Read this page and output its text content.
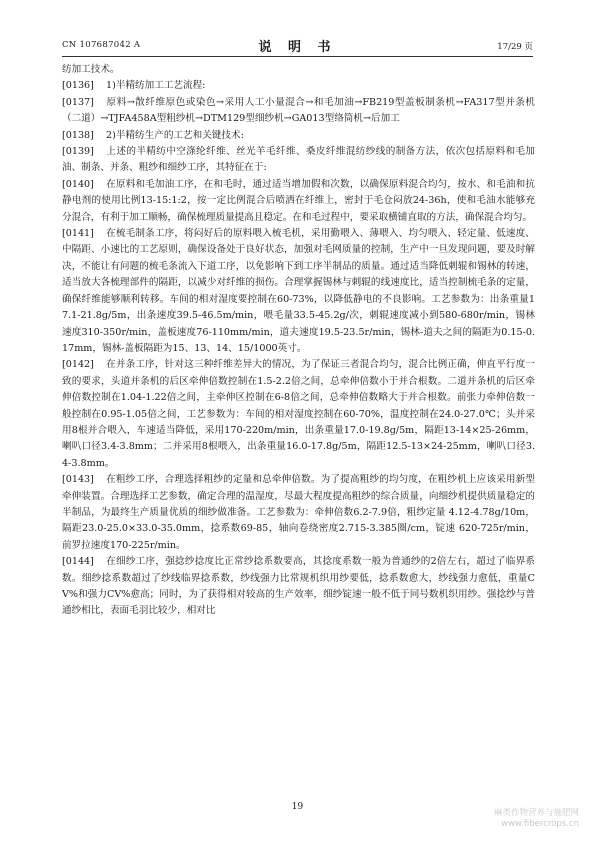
CN 107687042 A	说 明 书	17/29 页

纺加工技术。

[0136] 1)半精纺加工工艺流程:

[0137] 原料→散纤维原色或染色→采用人工小量混合→和毛加油→FB219型盖板制条机→FA317型并条机（二道）→TJFA458A型粗纱机→DTM129型细纱机→GA013型络筒机→后加工

[0138] 2)半精纺生产的工艺和关键技术:

[0139] 上述的半精纺中空涤纶纤维、丝光羊毛纤维、桑皮纤维混纺纱线的制备方法，依次包括原料和毛加油、制条、并条、粗纱和细纱工序，其特征在于:

[0140] 在原料和毛加油工序，在和毛时，通过适当增加假和次数，以确保原料混合均匀，按水、和毛油和抗静电剂的使用比例13-15:1:2，按一定比例混合后喷洒在纤维上，密封于毛仓闷放24-36h，使和毛油水能够充分混合，有利于加工顺畅，确保梳理质量提高且稳定。在和毛过程中，要采取横铺直取的方法，确保混合均匀。

[0141] 在梳毛制条工序，将闷好后的原料喂入梳毛机，采用勤喂入、薄喂入、均匀喂入、轻定量、低速度、中隔距、小速比的工艺原则，确保设备处于良好状态，加强对毛网质量的控制，生产中一旦发现问题，要及时解决，不能让有问题的梳毛条流入下道工序，以免影响下到工序半制品的质量。通过适当降低刺辊和锡林的转速，适当放大各梳理部件的隔距，以减少对纤维的损伤。合理掌握锡林与刺辊的线速度比，适当控制梳毛条的定量，确保纤维能够顺利转移。车间的相对湿度要控制在60-73%，以降低静电的不良影响。工艺参数为：出条重量17.1-21.8g/5m，出条速度39.5-46.5m/min，喂毛量33.5-45.2g/次，刺辊速度减小到580-680r/min，锡林速度310-350r/min，盖板速度76-110mm/min，道夫速度19.5-23.5r/min，锡林-道夫之间的隔距为0.15-0.17mm，锡林-盖板隔距为15、13、14、15/1000英寸。

[0142] 在并条工序，针对这三种纤维差异大的情况，为了保证三者混合均匀，混合比例正确，伸直平行度一致的要求，头道并条机的后区牵伸倍数控制在1.5-2.2倍之间，总牵伸倍数小于并合根数。二道并条机的后区牵伸倍数控制在1.04-1.22倍之间，主牵伸区控制在6-8倍之间，总牵伸倍数略大于并合根数。前张力牵伸倍数一般控制在0.95-1.05倍之间，工艺参数为：车间的相对湿度控制在60-70%，温度控制在24.0-27.0℃；头并采用8根并合喂入，车速适当降低，采用170-220m/min，出条重量17.0-19.8g/5m，隔距13-14×25-26mm，喇叭口径3.4-3.8mm；二并采用8根喂入，出条重量16.0-17.8g/5m，隔距12.5-13×24-25mm，喇叭口径3.4-3.8mm。

[0143] 在粗纱工序，合理选择粗纱的定量和总牵伸倍数。为了提高粗纱的均匀度，在粗纱机上应该采用新型牵伸装置。合理选择工艺参数，确定合理的温湿度，尽最大程度提高粗纱的综合质量，向细纱机提供质量稳定的半制品，为最终生产质量优质的细纱做准备。工艺参数为：牵伸倍数6.2-7.9倍，粗纱定量 4.12-4.78g/10m，隔距23.0-25.0×33.0-35.0mm，捻系数69-85，轴向卷绕密度2.715-3.385圈/cm，锭速 620-725r/min，前罗拉速度170-225r/min。

[0144] 在细纱工序，强捻纱捻度比正常纱捻系数要高，其捻度系数一般为普通纱的2倍左右，超过了临界系数。细纱捻系数超过了纱线临界捻系数，纱线强力比常规机织用纱要低，捻系数愈大，纱线强力愈低，重量CV%和强力CV%愈高；同时，为了获得相对较高的生产效率，细纱锭速一般不低于同号数机织用纱。强捻纱与普通纱相比，表面毛羽比较少，相对比

19
麻类作物营养与施肥网
www.fibercrops.cn
